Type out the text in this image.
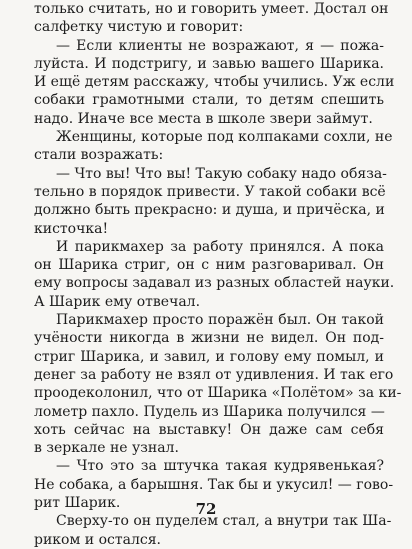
только считать, но и говорить умеет. Достал он
салфетку чистую и говорит:
— Если клиенты не возражают, я — пожа-
луйста. И подстригу, и завью вашего Шарика.
И ещё детям расскажу, чтобы учились. Уж если
собаки грамотными стали, то детям спешить
надо. Иначе все места в школе звери займут.
Женщины, которые под колпаками сохли, не
стали возражать:
— Что вы! Что вы! Такую собаку надо обяза-
тельно в порядок привести. У такой собаки всё
должно быть прекрасно: и душа, и причёска, и
кисточка!
И парикмахер за работу принялся. А пока
он Шарика стриг, он с ним разговаривал. Он
ему вопросы задавал из разных областей науки.
А Шарик ему отвечал.
Парикмахер просто поражён был. Он такой
учёности никогда в жизни не видел. Он под-
стриг Шарика, и завил, и голову ему помыл, и
денег за работу не взял от удивления. И так его
проодеколонил, что от Шарика «Полётом» за ки-
лометр пахло. Пудель из Шарика получился —
хоть сейчас на выставку! Он даже сам себя
в зеркале не узнал.
— Что это за штучка такая кудрявенькая?
Не собака, а барышня. Так бы и укусил! — гово-
рит Шарик.
Сверху-то он пуделем стал, а внутри так Ша-
риком и остался.
72
